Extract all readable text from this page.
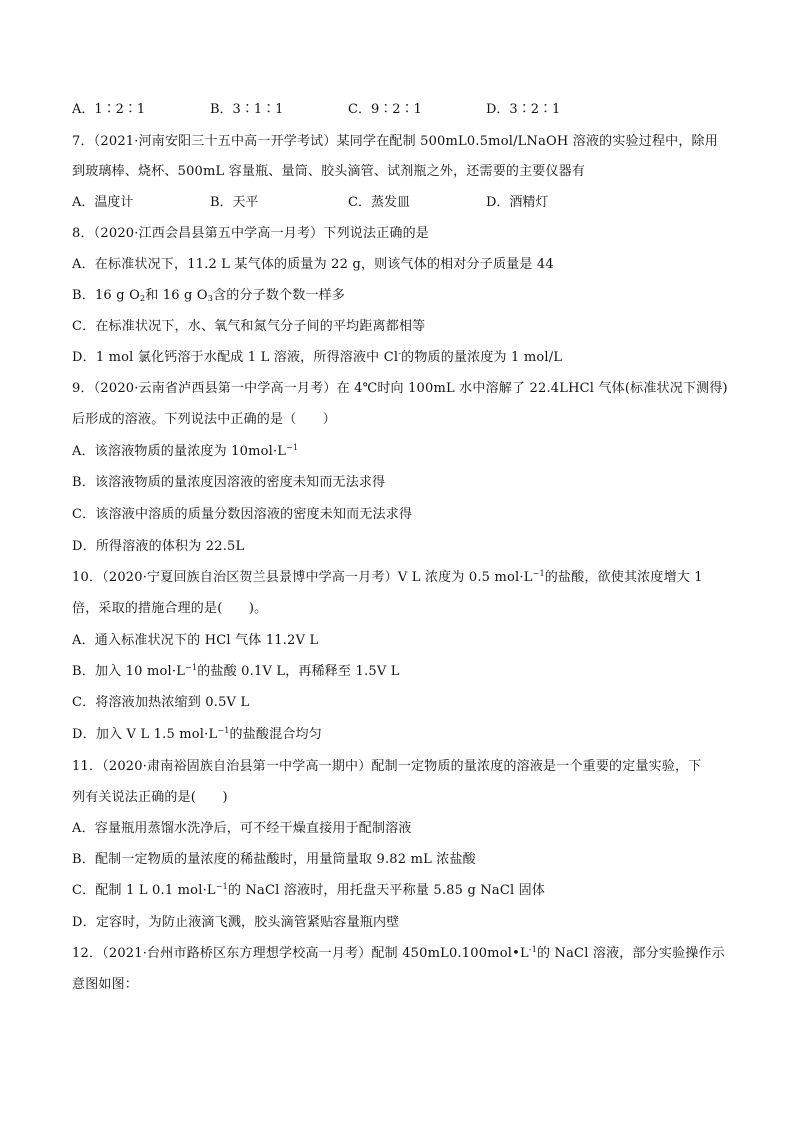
A．1∶2∶1	B．3∶1∶1	C．9∶2∶1	D．3∶2∶1
7．（2021·河南安阳三十五中高一开学考试）某同学在配制 500mL0.5mol/LNaOH 溶液的实验过程中，除用
到玻璃棒、烧杯、500mL 容量瓶、量筒、胶头滴管、试剂瓶之外，还需要的主要仪器有
A．温度计	B．天平	C．蒸发皿	D．酒精灯
8．（2020·江西会昌县第五中学高一月考）下列说法正确的是
A．在标准状况下，11.2 L 某气体的质量为 22 g，则该气体的相对分子质量是 44
B．16 g $O_2$和 16 g $O_3$含的分子数个数一样多
C．在标准状况下，水、氧气和氮气分子间的平均距离都相等
D．1 mol 氯化钙溶于水配成 1 L 溶液，所得溶液中 Cl-的物质的量浓度为 1 mol/L
9．（2020·云南省泸西县第一中学高一月考）在 4℃时向 100mL 水中溶解了 22.4LHCl 气体(标准状况下测得)
后形成的溶液。下列说法中正确的是（　　）
A．该溶液物质的量浓度为 $10mol\cdot L^{-1}$
B．该溶液物质的量浓度因溶液的密度未知而无法求得
C．该溶液中溶质的质量分数因溶液的密度未知而无法求得
D．所得溶液的体积为 22.5L
10．（2020·宁夏回族自治区贺兰县景博中学高一月考）V L 浓度为 0.5 $mol\cdot L^{-1}$的盐酸，欲使其浓度增大 1
倍，采取的措施合理的是(　　)。
A．通入标准状况下的 HCl 气体 11.2V L
B．加入 10 $mol\cdot L^{-1}$的盐酸 0.1V L，再稀释至 1.5V L
C．将溶液加热浓缩到 0.5V L
D．加入 V L 1.5 $mol\cdot L^{-1}$的盐酸混合均匀
11．（2020·肃南裕固族自治县第一中学高一期中）配制一定物质的量浓度的溶液是一个重要的定量实验，下
列有关说法正确的是(　　)
A．容量瓶用蒸馏水洗净后，可不经干燥直接用于配制溶液
B．配制一定物质的量浓度的稀盐酸时，用量筒量取 9.82 mL 浓盐酸
C．配制 1 L 0.1 $mol\cdot L^{-1}$的 NaCl 溶液时，用托盘天平称量 5.85 g NaCl 固体
D．定容时，为防止液滴飞溅，胶头滴管紧贴容量瓶内壁
12．（2021·台州市路桥区东方理想学校高一月考）配制 $450mL0.100mol•L^{-1}$的 NaCl 溶液，部分实验操作示
意图如图：
